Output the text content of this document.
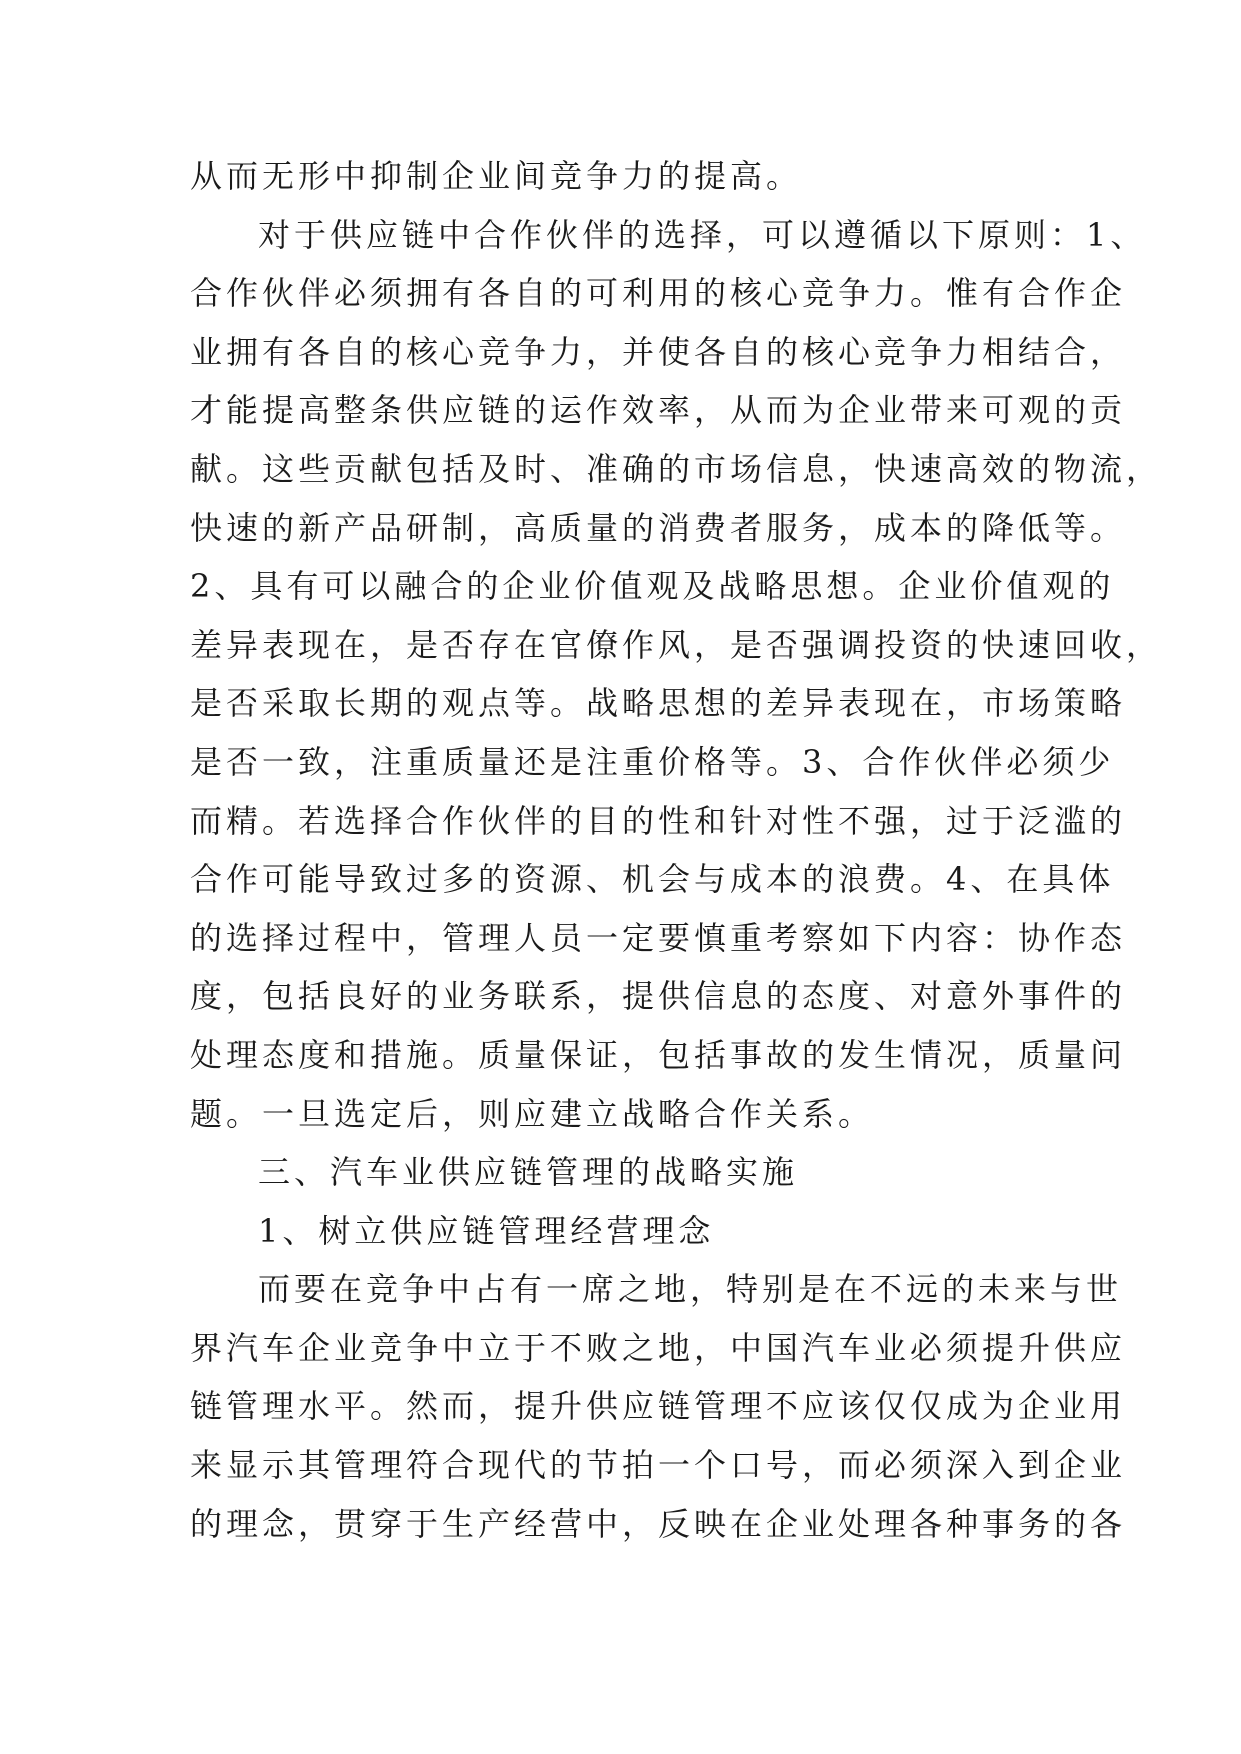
从而无形中抑制企业间竞争力的提高。
对于供应链中合作伙伴的选择，可以遵循以下原则：1、
合作伙伴必须拥有各自的可利用的核心竞争力。惟有合作企
业拥有各自的核心竞争力，并使各自的核心竞争力相结合，
才能提高整条供应链的运作效率，从而为企业带来可观的贡
献。这些贡献包括及时、准确的市场信息，快速高效的物流，
快速的新产品研制，高质量的消费者服务，成本的降低等。
2、具有可以融合的企业价值观及战略思想。企业价值观的
差异表现在，是否存在官僚作风，是否强调投资的快速回收，
是否采取长期的观点等。战略思想的差异表现在，市场策略
是否一致，注重质量还是注重价格等。3、合作伙伴必须少
而精。若选择合作伙伴的目的性和针对性不强，过于泛滥的
合作可能导致过多的资源、机会与成本的浪费。4、在具体
的选择过程中，管理人员一定要慎重考察如下内容：协作态
度，包括良好的业务联系，提供信息的态度、对意外事件的
处理态度和措施。质量保证，包括事故的发生情况，质量问
题。一旦选定后，则应建立战略合作关系。
三、汽车业供应链管理的战略实施
1、树立供应链管理经营理念
而要在竞争中占有一席之地，特别是在不远的未来与世
界汽车企业竞争中立于不败之地，中国汽车业必须提升供应
链管理水平。然而，提升供应链管理不应该仅仅成为企业用
来显示其管理符合现代的节拍一个口号，而必须深入到企业
的理念，贯穿于生产经营中，反映在企业处理各种事务的各
